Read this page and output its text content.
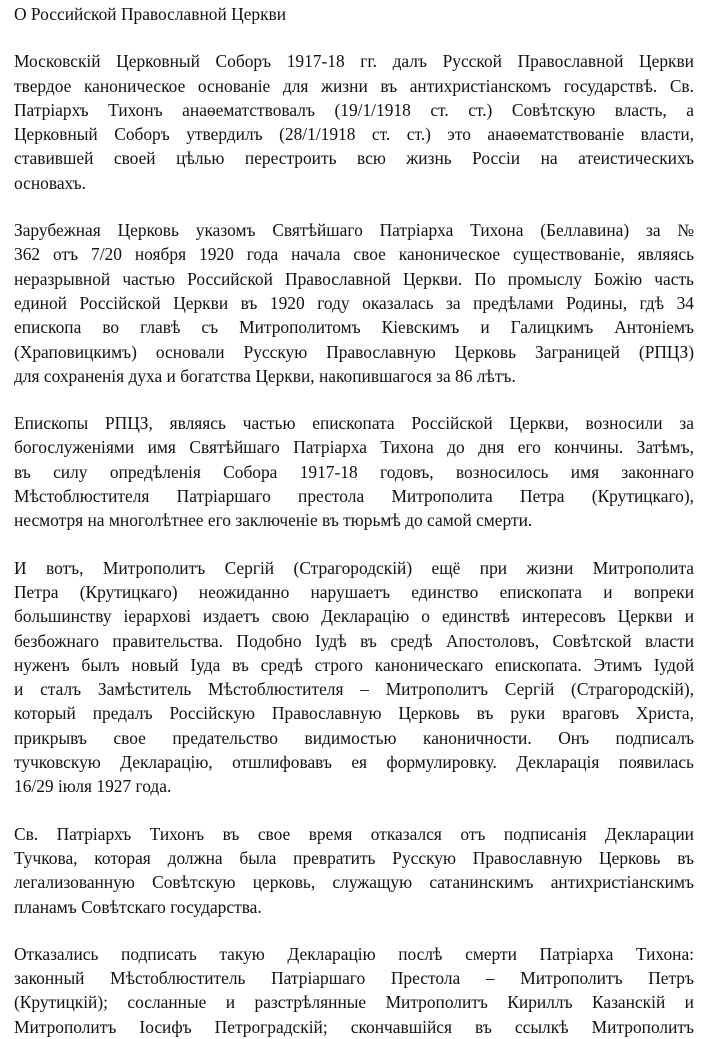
О Российской Православной Церкви
Московскій Церковный Соборъ 1917-18 гг. далъ Русской Православной Церкви
твердое каноническое основаніе для жизни въ антихристіанскомъ государствѣ. Св.
Патріархъ Тихонъ анаѳематствовалъ (19/1/1918 ст. ст.) Совѣтскую власть, а
Церковный Соборъ утвердилъ (28/1/1918 ст. ст.) это анаѳематствованіе власти,
ставившей своей цѣлью перестроить всю жизнь Россіи на атеистическихъ
основахъ.
Зарубежная Церковь указомъ Святѣйшаго Патріарха Тихона (Беллавина) за №
362 отъ 7/20 ноября 1920 года начала свое каноническое существованіе, являясь
неразрывной частью Российской Православной Церкви. По промыслу Божію часть
единой Россійской Церкви въ 1920 году оказалась за предѣлами Родины, гдѣ 34
епископа во главѣ съ Митрополитомъ Кіевскимъ и Галицкимъ Антоніемъ
(Храповицкимъ) основали Русскую Православную Церковь Заграницей (РПЦЗ)
для сохраненія духа и богатства Церкви, накопившагося за 86 лѣтъ.
Епископы РПЦЗ, являясь частью епископата Россійской Церкви, возносили за
богослуженіями имя Святѣйшаго Патріарха Тихона до дня его кончины. Затѣмъ,
въ силу опредѣленія Собора 1917-18 годовъ, возносилось имя законнаго
Мѣстоблюстителя Патріаршаго престола Митрополита Петра (Крутицкаго),
несмотря на многолѣтнее его заключеніе въ тюрьмѣ до самой смерти.
И вотъ, Митрополитъ Сергій (Страгородскій) ещё при жизни Митрополита
Петра (Крутицкаго) неожиданно нарушаетъ единство епископата и вопреки
большинству іерархові издаетъ свою Декларацію о единствѣ интересовъ Церкви и
безбожнаго правительства. Подобно Іудѣ въ средѣ Апостоловъ, Совѣтской власти
нуженъ былъ новый Іуда въ средѣ строго каноническаго епископата. Этимъ Іудой
и сталъ Замѣститель Мѣстоблюстителя – Митрополитъ Сергій (Страгородскій),
который предалъ Россійскую Православную Церковь въ руки враговъ Христа,
прикрывъ свое предательство видимостью каноничности. Онъ подписалъ
тучковскую Декларацію, отшлифовавъ ея формулировку. Декларація появилась
16/29 іюля 1927 года.
Св. Патріархъ Тихонъ въ свое время отказался отъ подписанія Декларации
Тучкова, которая должна была превратить Русскую Православную Церковь въ
легализованную Совѣтскую церковь, служащую сатанинскимъ антихристіанскимъ
планамъ Совѣтскаго государства.
Отказались подписать такую Декларацію послѣ смерти Патріарха Тихона:
законный Мѣстоблюститель Патріаршаго Престола – Митрополитъ Петръ
(Крутицкій); сосланные и разстрѣлянные Митрополитъ Кириллъ Казанскій и
Митрополитъ Іосифъ Петроградскій; скончавшійся въ ссылкѣ Митрополитъ
